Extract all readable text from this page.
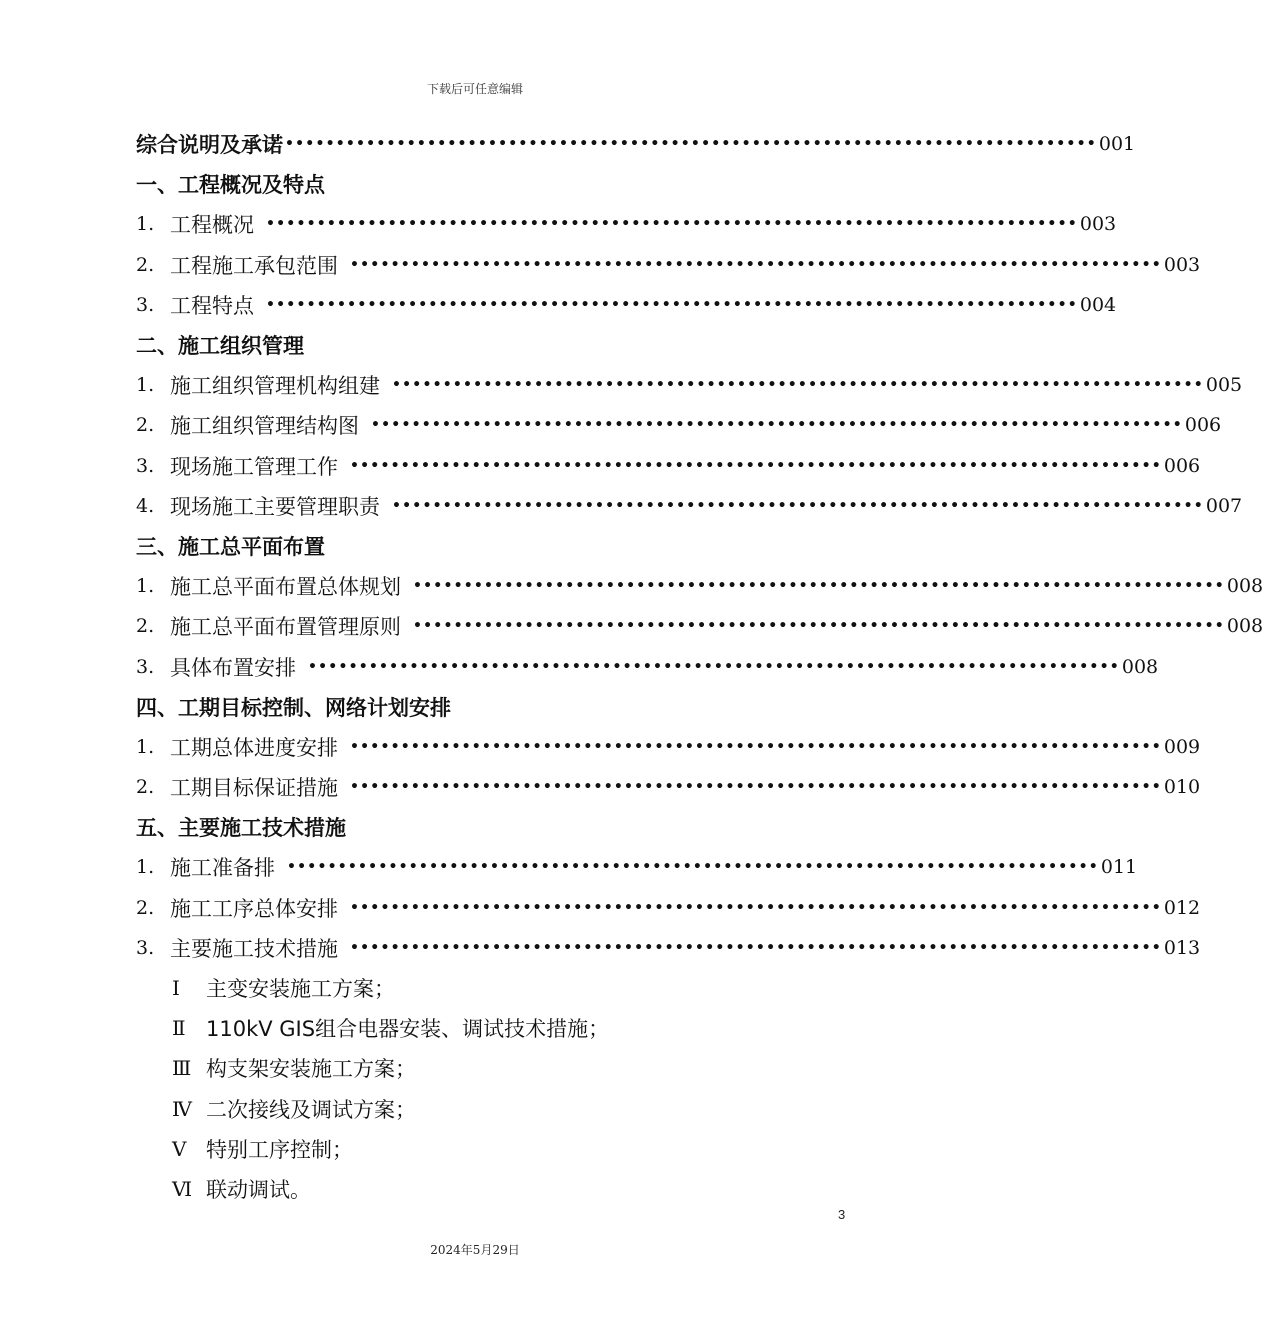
下载后可任意编辑
综合说明及承诺 •••••••••••••••••••••••••••••••••••••••••••••••••••••••••••••••••••••••••••••••• 001
一、工程概况及特点
1. 工程概况 •••••••••••••••••••••••••••••••••••••••••••••••••••••••••••••••••••••••••••••••• 003
2. 工程施工承包范围 •••••••••••••••••••••••••••••••••••••••••••••••••••••••••••••••••••••••••••••••• 003
3. 工程特点 •••••••••••••••••••••••••••••••••••••••••••••••••••••••••••••••••••••••••••••••• 004
二、施工组织管理
1. 施工组织管理机构组建 •••••••••••••••••••••••••••••••••••••••••••••••••••••••••••••••••••••••••••••••• 005
2. 施工组织管理结构图 •••••••••••••••••••••••••••••••••••••••••••••••••••••••••••••••••••••••••••••••• 006
3. 现场施工管理工作 •••••••••••••••••••••••••••••••••••••••••••••••••••••••••••••••••••••••••••••••• 006
4. 现场施工主要管理职责 •••••••••••••••••••••••••••••••••••••••••••••••••••••••••••••••••••••••••••••••• 007
三、施工总平面布置
1. 施工总平面布置总体规划 •••••••••••••••••••••••••••••••••••••••••••••••••••••••••••••••••••••••••••••••• 008
2. 施工总平面布置管理原则 •••••••••••••••••••••••••••••••••••••••••••••••••••••••••••••••••••••••••••••••• 008
3. 具体布置安排 •••••••••••••••••••••••••••••••••••••••••••••••••••••••••••••••••••••••••••••••• 008
四、工期目标控制、网络计划安排
1. 工期总体进度安排 •••••••••••••••••••••••••••••••••••••••••••••••••••••••••••••••••••••••••••••••• 009
2. 工期目标保证措施 •••••••••••••••••••••••••••••••••••••••••••••••••••••••••••••••••••••••••••••••• 010
五、主要施工技术措施
1. 施工准备排 •••••••••••••••••••••••••••••••••••••••••••••••••••••••••••••••••••••••••••••••• 011
2. 施工工序总体安排 •••••••••••••••••••••••••••••••••••••••••••••••••••••••••••••••••••••••••••••••• 012
3. 主要施工技术措施 •••••••••••••••••••••••••••••••••••••••••••••••••••••••••••••••••••••••••••••••• 013
Ⅰ	主变安装施工方案；
Ⅱ 110kV GIS组合电器安装、调试技术措施；
Ⅲ 构支架安装施工方案；
Ⅳ 二次接线及调试方案；
Ⅴ 特别工序控制；
Ⅵ 联动调试。
3
2024年5月29日
